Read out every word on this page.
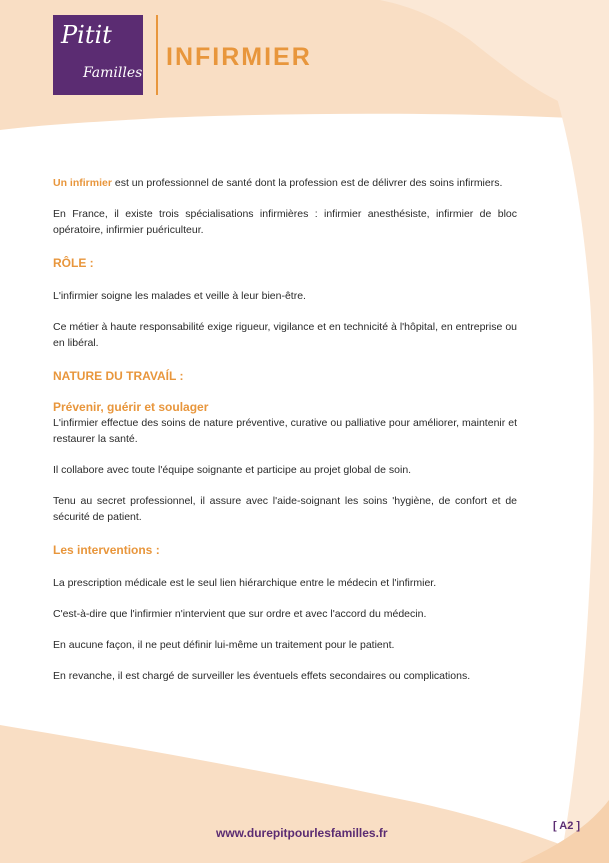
Pitit
Familles
INFIRMIER

Un infirmier est un professionnel de santé dont la profession est de délivrer des soins infirmiers.

En France, il existe trois spécialisations infirmières : infirmier anesthésiste, infirmier de bloc opératoire, infirmier puériculteur.

RÔLE :

L'infirmier soigne les malades et veille à leur bien-être.

Ce métier à haute responsabilité exige rigueur, vigilance et en technicité à l'hôpital, en entreprise ou en libéral.

NATURE DU TRAVAÍL :
Prévenir, guérir et soulager

L'infirmier effectue des soins de nature préventive, curative ou palliative pour améliorer, maintenir et restaurer la santé.

Il collabore avec toute l'équipe soignante et participe au projet global de soin.

Tenu au secret professionnel, il assure avec l'aide-soignant les soins 'hygiène, de confort et de sécurité de patient.

Les interventions :

La prescription médicale est le seul lien hiérarchique entre le médecin et l'infirmier.

C'est-à-dire que l'infirmier n'intervient que sur ordre et avec l'accord du médecin.

En aucune façon, il ne peut définir lui-même un traitement pour le patient.

En revanche, il est chargé de surveiller les éventuels effets secondaires ou complications.

www.durepitpourlesfamilles.fr	[ A2 ]
